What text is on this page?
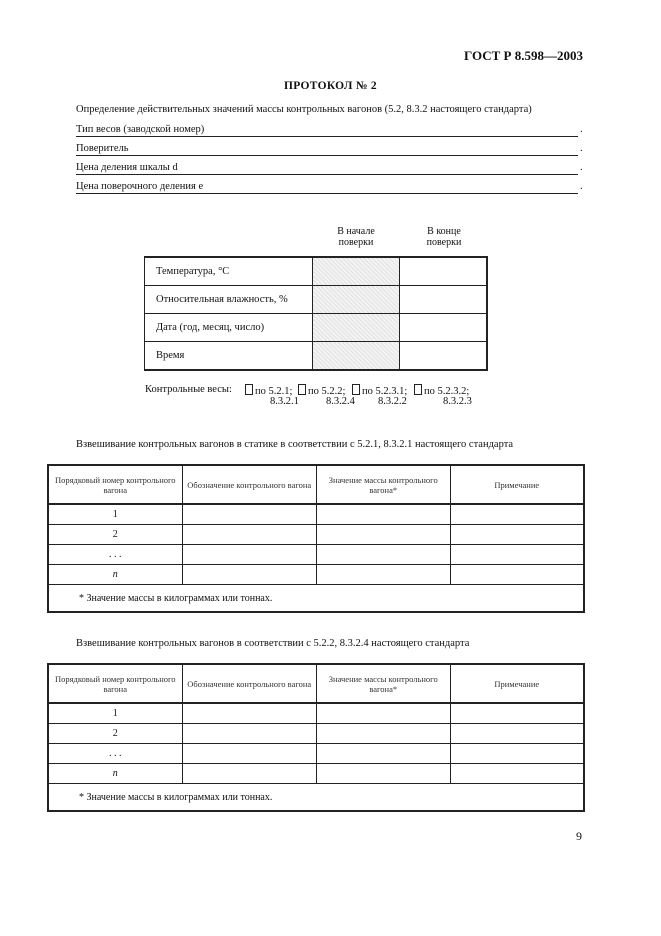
ГОСТ Р 8.598—2003
ПРОТОКОЛ № 2
Определение действительных значений массы контрольных вагонов (5.2, 8.3.2 настоящего стандарта)
Тип весов (заводской номер)	.
Поверитель	.
Цена деления шкалы d	.
Цена поверочного деления e	.
В начале поверки
В конце поверки
Температура, °C		
Относительная влажность, %		
Дата (год, месяц, число)		
Время		
Контрольные весы:	по 5.2.1;
8.3.2.1
по 5.2.2;
8.3.2.4
по 5.2.3.1;
8.3.2.2
по 5.2.3.2;
8.3.2.3
Взвешивание контрольных вагонов в статике в соответствии с 5.2.1, 8.3.2.1 настоящего стандарта
Порядковый номер контрольного вагона	Обозначение контрольного вагона	Значение массы контрольного вагона*	Примечание
1			
2			
. . .			
n			
* Значение массы в килограммах или тоннах.			
Взвешивание контрольных вагонов в соответствии с 5.2.2, 8.3.2.4 настоящего стандарта
Порядковый номер контрольного вагона	Обозначение контрольного вагона	Значение массы контрольного вагона*	Примечание
1			
2			
. . .			
n			
* Значение массы в килограммах или тоннах.			
9
